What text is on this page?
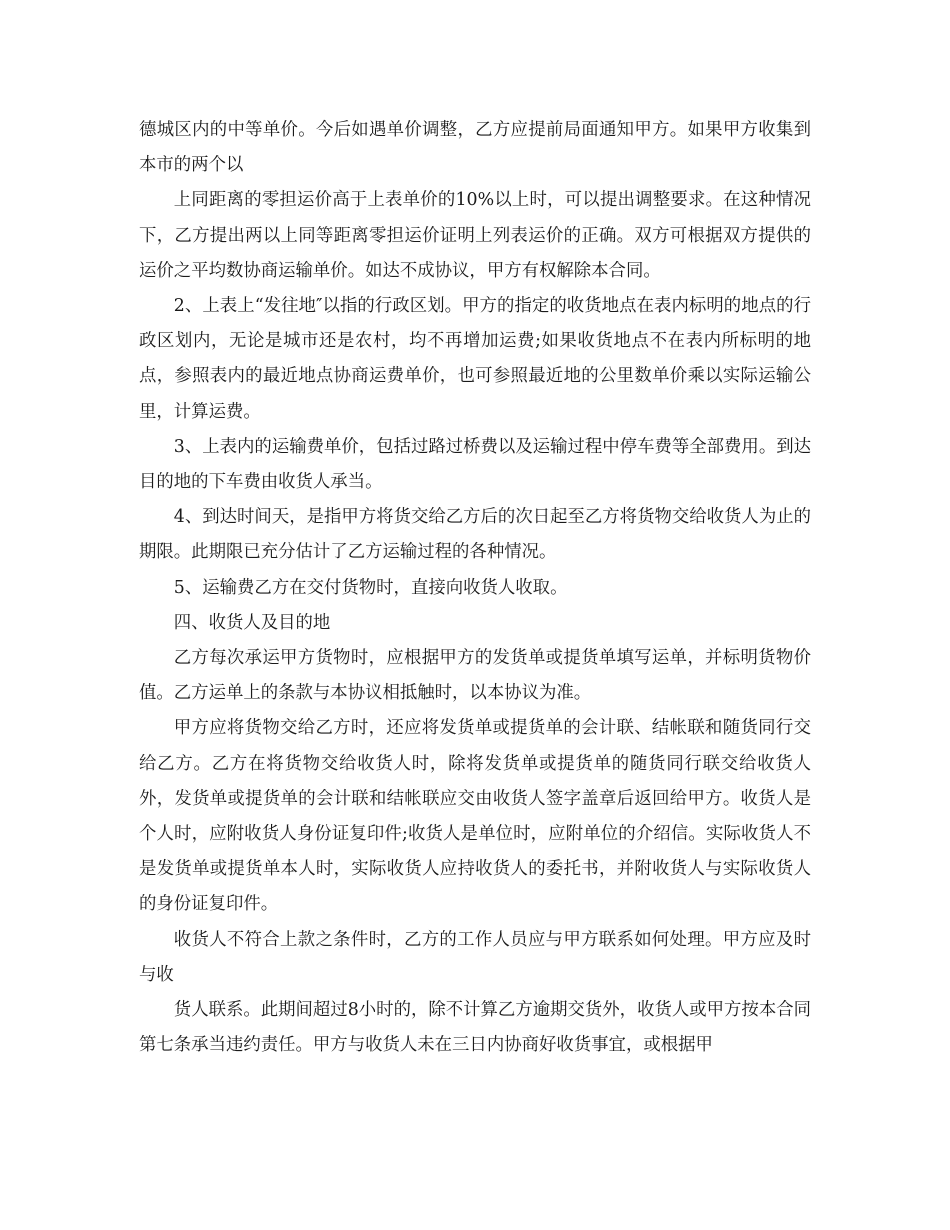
德城区内的中等单价。今后如遇单价调整，乙方应提前局面通知甲方。如果甲方收集到本市的两个以

上同距离的零担运价高于上表单价的10%以上时，可以提出调整要求。在这种情况下，乙方提出两以上同等距离零担运价证明上列表运价的正确。双方可根据双方提供的运价之平均数协商运输单价。如达不成协议，甲方有权解除本合同。

2、上表上“发往地″以指的行政区划。甲方的指定的收货地点在表内标明的地点的行政区划内，无论是城市还是农村，均不再增加运费;如果收货地点不在表内所标明的地点，参照表内的最近地点协商运费单价，也可参照最近地的公里数单价乘以实际运输公里，计算运费。

3、上表内的运输费单价，包括过路过桥费以及运输过程中停车费等全部费用。到达目的地的下车费由收货人承当。

4、到达时间天，是指甲方将货交给乙方后的次日起至乙方将货物交给收货人为止的期限。此期限已充分估计了乙方运输过程的各种情况。

5、运输费乙方在交付货物时，直接向收货人收取。

四、收货人及目的地

乙方每次承运甲方货物时，应根据甲方的发货单或提货单填写运单，并标明货物价值。乙方运单上的条款与本协议相抵触时，以本协议为准。

甲方应将货物交给乙方时，还应将发货单或提货单的会计联、结帐联和随货同行交给乙方。乙方在将货物交给收货人时，除将发货单或提货单的随货同行联交给收货人外，发货单或提货单的会计联和结帐联应交由收货人签字盖章后返回给甲方。收货人是个人时，应附收货人身份证复印件;收货人是单位时，应附单位的介绍信。实际收货人不是发货单或提货单本人时，实际收货人应持收货人的委托书，并附收货人与实际收货人的身份证复印件。

收货人不符合上款之条件时，乙方的工作人员应与甲方联系如何处理。甲方应及时与收

货人联系。此期间超过8小时的，除不计算乙方逾期交货外，收货人或甲方按本合同第七条承当违约责任。甲方与收货人未在三日内协商好收货事宜，或根据甲
